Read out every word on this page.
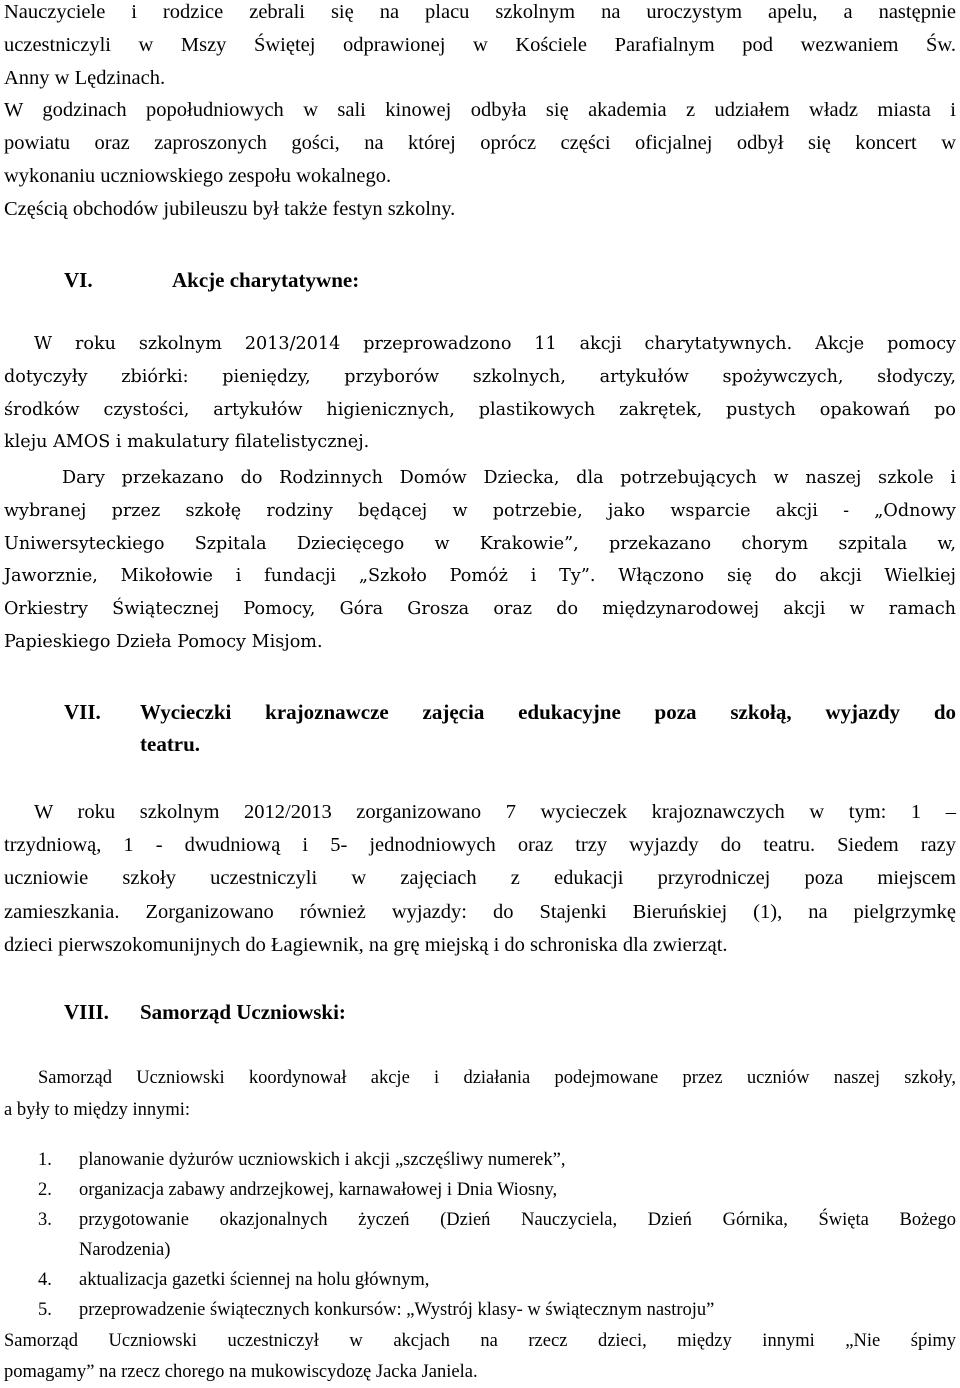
Nauczyciele i rodzice zebrali się na placu szkolnym na uroczystym apelu, a następnie
uczestniczyli w Mszy Świętej odprawionej w Kościele Parafialnym pod wezwaniem Św.
Anny w Lędzinach.
W godzinach popołudniowych w sali kinowej odbyła się akademia z udziałem władz miasta i
powiatu oraz zaproszonych gości, na której oprócz części oficjalnej odbył się koncert w
wykonaniu uczniowskiego zespołu wokalnego.
Częścią obchodów jubileuszu był także festyn szkolny.
VI.	Akcje charytatywne:
W roku szkolnym 2013/2014 przeprowadzono 11 akcji charytatywnych. Akcje pomocy
dotyczyły zbiórki: pieniędzy, przyborów szkolnych, artykułów spożywczych, słodyczy,
środków czystości, artykułów higienicznych, plastikowych zakrętek, pustych opakowań po
kleju AMOS i makulatury filatelistycznej.
Dary przekazano do Rodzinnych Domów Dziecka, dla potrzebujących w naszej szkole i
wybranej przez szkołę rodziny będącej w potrzebie, jako wsparcie akcji - „Odnowy
Uniwersyteckiego Szpitala Dziecięcego w Krakowie”, przekazano chorym szpitala w,
Jaworznie, Mikołowie i fundacji „Szkoło Pomóż i Ty”. Włączono się do akcji Wielkiej
Orkiestry Świątecznej Pomocy, Góra Grosza oraz do międzynarodowej akcji w ramach
Papieskiego Dzieła Pomocy Misjom.
VII. Wycieczki krajoznawcze zajęcia edukacyjne poza szkołą, wyjazdy do
teatru.
W roku szkolnym 2012/2013 zorganizowano 7 wycieczek krajoznawczych w tym: 1 –
trzydniową, 1 - dwudniową i 5- jednodniowych oraz trzy wyjazdy do teatru. Siedem razy
uczniowie szkoły uczestniczyli w zajęciach z edukacji przyrodniczej poza miejscem
zamieszkania. Zorganizowano również wyjazdy: do Stajenki Bieruńskiej (1), na pielgrzymkę
dzieci pierwszokomunijnych do Łagiewnik, na grę miejską i do schroniska dla zwierząt.
VIII. Samorząd Uczniowski:
Samorząd Uczniowski koordynował akcje i działania podejmowane przez uczniów naszej szkoły,
a były to między innymi:
1. planowanie dyżurów uczniowskich i akcji „szczęśliwy numerek”,
2. organizacja zabawy andrzejkowej, karnawałowej i Dnia Wiosny,
3. przygotowanie okazjonalnych życzeń (Dzień Nauczyciela, Dzień Górnika, Święta Bożego
Narodzenia)
4. aktualizacja gazetki ściennej na holu głównym,
5. przeprowadzenie świątecznych konkursów: „Wystrój klasy- w świątecznym nastroju”
Samorząd Uczniowski uczestniczył w akcjach na rzecz dzieci, między innymi „Nie śpimy
pomagamy” na rzecz chorego na mukowiscydozę Jacka Janiela.
